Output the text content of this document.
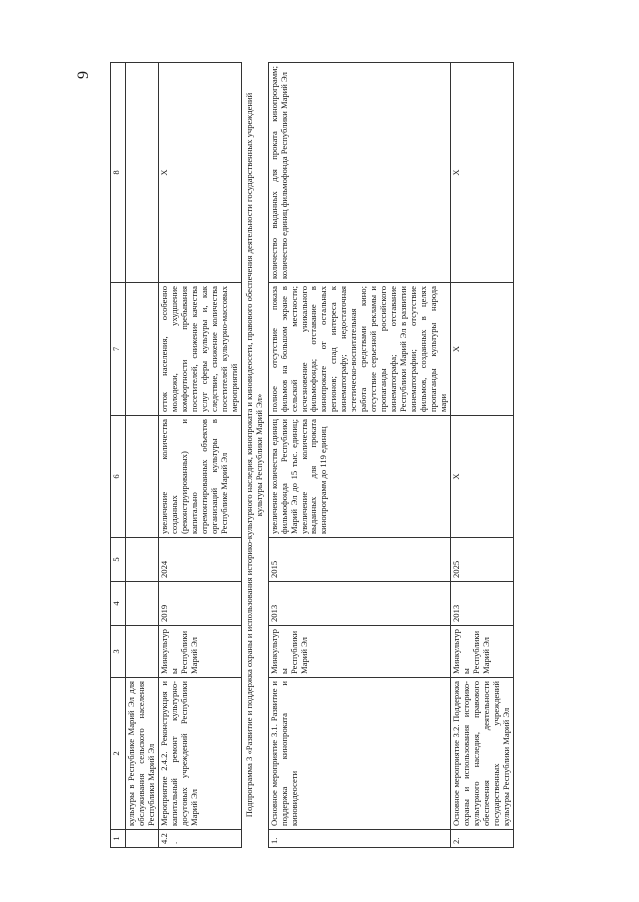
9
1	2	3	4	5	6	7	8
	культуры в Республике Марий Эл для обслуживания сельского населения Республики Марий Эл						
4.2.	Мероприятие 2.4.2. Реконструкция и капитальный ремонт культурно-досуговых учреждений Республики Марий Эл	Минкультуры Республики Марий Эл	2019	2024	увеличение количества созданных (реконструированных) и капитально отремонтированных объектов организаций культуры в Республике Марий Эл	отток населения, особенно молодежи, ухудшение комфортности пребывания посетителей, снижение качества услуг сферы культуры и, как следствие, снижение количества посетителей культурно-массовых мероприятий	X
Подпрограмма 3 «Развитие и поддержка охраны и использования историко-культурного наследия, кинопроката и киновидеосети, правового обеспечения деятельности государственных учреждений культуры Республики Марий Эл»							
1.	Основное мероприятие 3.1. Развитие и поддержка кинопроката и киновидеосети	Минкультуры Республики Марий Эл	2013	2015	увеличение количества единиц фильмофонда Республики Марий Эл до 15 тыс. единиц; увеличение количества выданных для проката кинопрограмм до 119 единиц	полное отсутствие показа фильмов на большом экране в сельской местности; исчезновение уникального фильмофонда; отставание в кинопрокате от остальных регионов; спад интереса к кинематографу; недостаточная эстетическо-воспитательная работа средствами кино; отсутствие серьезной рекламы и пропаганды российского кинематографа; отставание Республики Марий Эл в развитии кинематографии; отсутствие фильмов, созданных в целях пропаганды культуры народа мари	количество выданных для проката кинопрограмм; количество единиц фильмофонда Республики Марий Эл
2.	Основное мероприятие 3.2. Поддержка охраны и использования историко-культурного наследия, правового обеспечения деятельности государственных учреждений культуры Республики Марий Эл	Минкультуры Республики Марий Эл	2013	2025	X	X	X
